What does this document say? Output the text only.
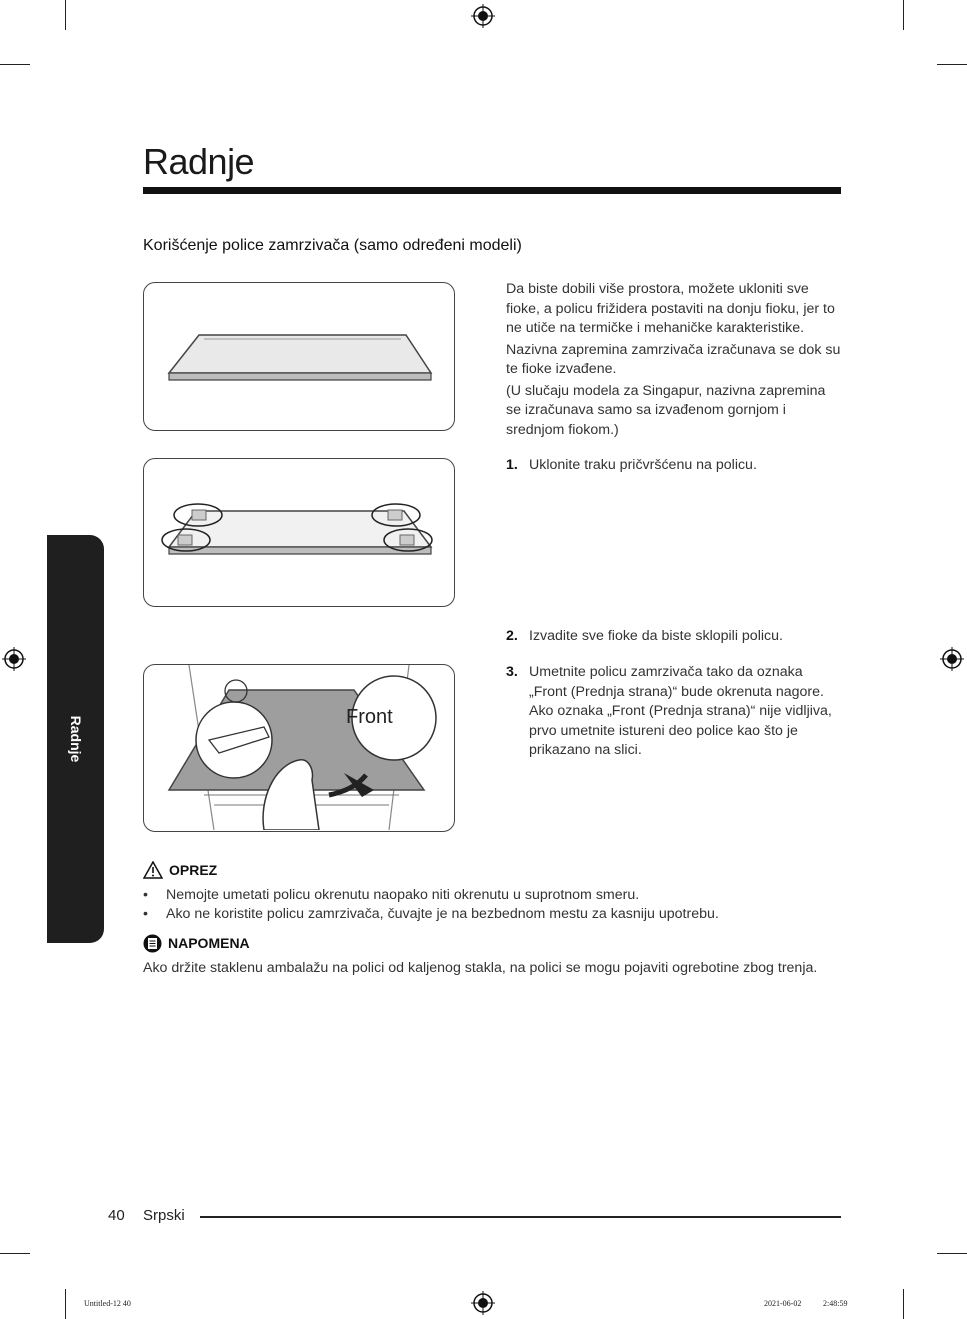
Radnje
Korišćenje police zamrzivača (samo određeni modeli)

Da biste dobili više prostora, možete ukloniti sve fioke, a policu frižidera postaviti na donju fioku, jer to ne utiče na termičke i mehaničke karakteristike.

Nazivna zapremina zamrzivača izračunava se dok su te fioke izvađene.

(U slučaju modela za Singapur, nazivna zapremina se izračunava samo sa izvađenom gornjom i srednjom fiokom.)

Front
1. Uklonite traku pričvršćenu na policu.
2. Izvadite sve fioke da biste sklopili policu.
3. Umetnite policu zamrzivača tako da oznaka „Front (Prednja strana)“ bude okrenuta nagore. Ako oznaka „Front (Prednja strana)“ nije vidljiva, prvo umetnite istureni deo police kao što je prikazano na slici.
OPREZ
• Nemojte umetati policu okrenutu naopako niti okrenutu u suprotnom smeru.
• Ako ne koristite policu zamrzivača, čuvajte je na bezbednom mestu za kasniju upotrebu.
NAPOMENA
Ako držite staklenu ambalažu na polici od kaljenog stakla, na polici se mogu pojaviti ogrebotine zbog trenja.
Radnje
40 Srpski
Untitled-12 40	2021-06-02	2:48:59
